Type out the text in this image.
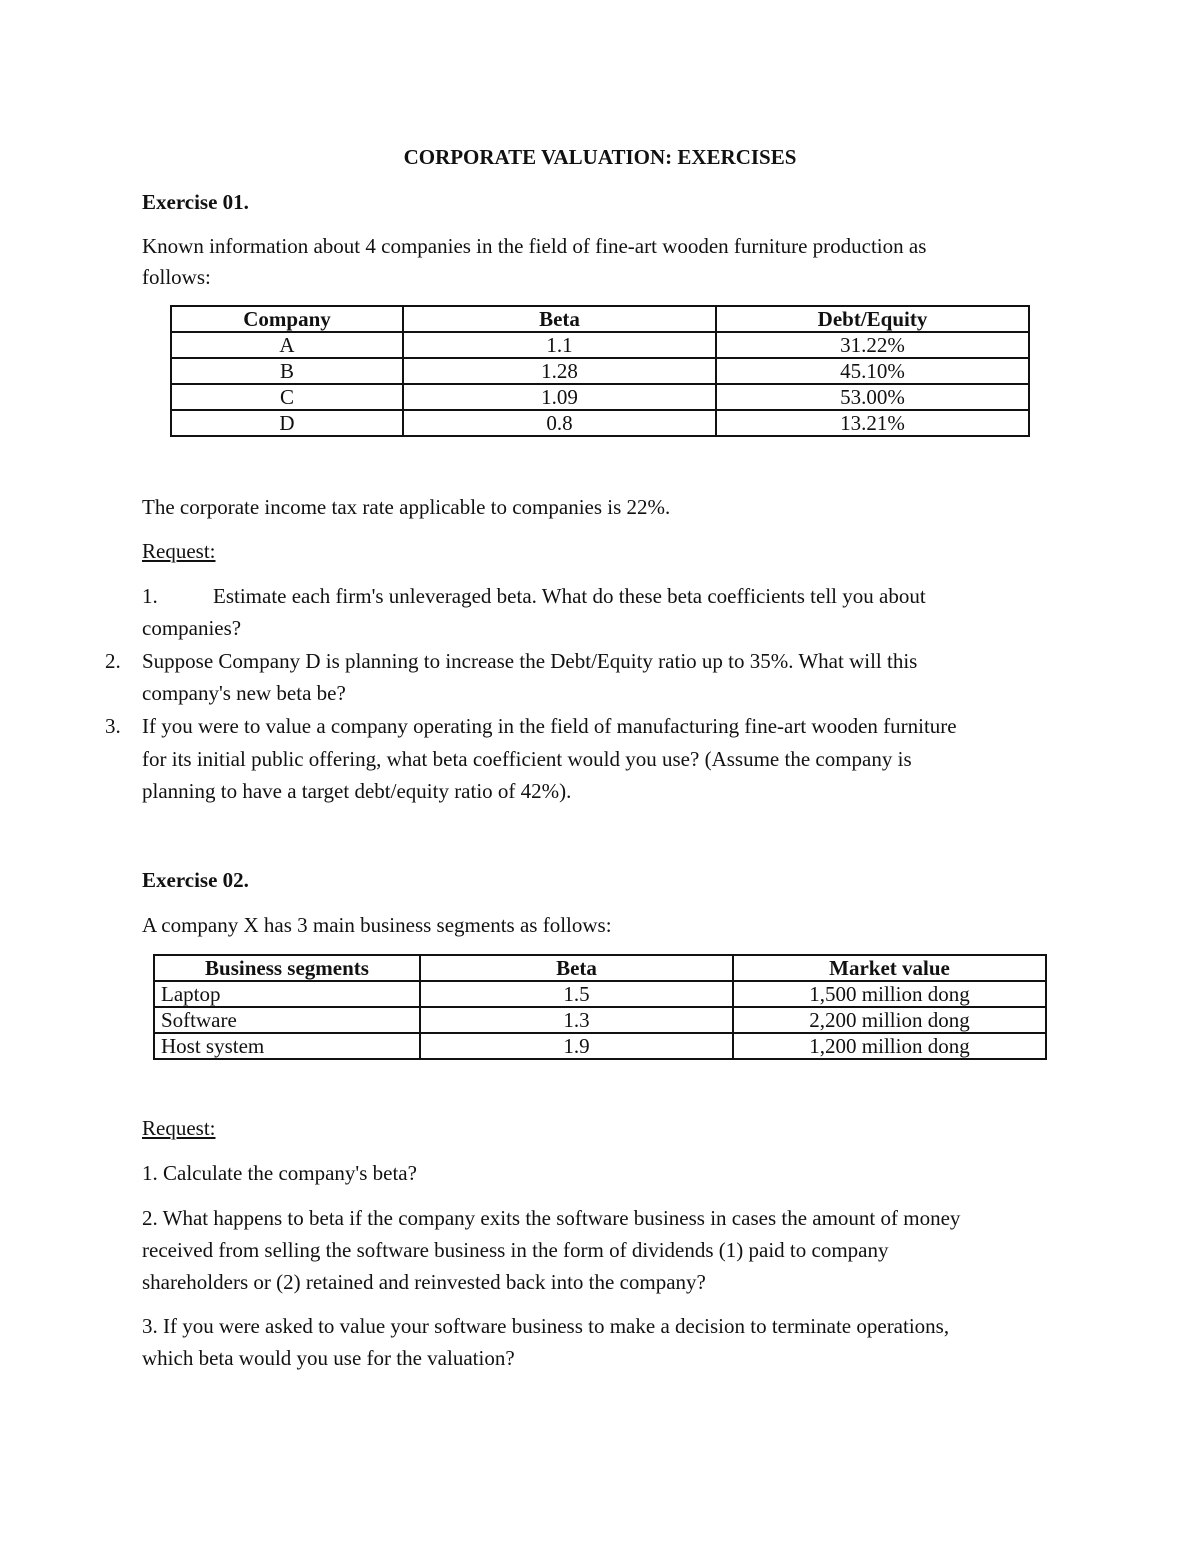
CORPORATE VALUATION: EXERCISES
Exercise 01.
Known information about 4 companies in the field of fine-art wooden furniture production as
follows:
Company	Beta	Debt/Equity
A	1.1	31.22%
B	1.28	45.10%
C	1.09	53.00%
D	0.8	13.21%
The corporate income tax rate applicable to companies is 22%.
Request:
1.	Estimate each firm's unleveraged beta. What do these beta coefficients tell you about
companies?
2. Suppose Company D is planning to increase the Debt/Equity ratio up to 35%. What will this
company's new beta be?
3. If you were to value a company operating in the field of manufacturing fine-art wooden furniture
for its initial public offering, what beta coefficient would you use? (Assume the company is
planning to have a target debt/equity ratio of 42%).
Exercise 02.
A company X has 3 main business segments as follows:
Business segments	Beta	Market value
Laptop	1.5	1,500 million dong
Software	1.3	2,200 million dong
Host system	1.9	1,200 million dong
Request:
1. Calculate the company's beta?
2. What happens to beta if the company exits the software business in cases the amount of money
received from selling the software business in the form of dividends (1) paid to company
shareholders or (2) retained and reinvested back into the company?
3. If you were asked to value your software business to make a decision to terminate operations,
which beta would you use for the valuation?
